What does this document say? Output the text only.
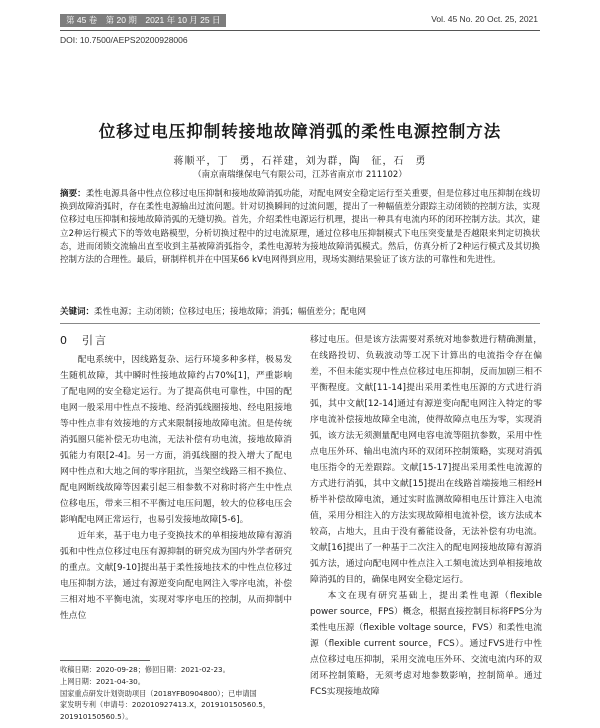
第 45 卷　第 20 期　2021 年 10 月 25 日	Vol. 45 No. 20 Oct. 25, 2021
DOI: 10.7500/AEPS20200928006
位移过电压抑制转接地故障消弧的柔性电源控制方法
蒋顺平，丁　勇，石祥建，刘为群，陶　征，石　勇
（南京南瑞继保电气有限公司，江苏省南京市 211102）
摘要：柔性电源具备中性点位移过电压抑制和接地故障消弧功能，对配电网安全稳定运行至关重要，但是位移过电压抑制在线切换到故障消弧时，存在柔性电源输出过流问题。针对切换瞬间的过流问题，提出了一种幅值差分跟踪主动闭锁的控制方法，实现位移过电压抑制和接地故障消弧的无缝切换。首先，介绍柔性电源运行机理，提出一种具有电流内环的闭环控制方法。其次，建立2种运行模式下的等效电路模型，分析切换过程中的过电流原理，通过位移电压抑制模式下电压突变量是否越限来判定切换状态，进而闭锁交流输出直至收到主基被障消弧指令，柔性电源转为接地故障消弧模式。然后，仿真分析了2种运行模式及其切换控制方法的合理性。最后，研制样机并在中国某66 kV电网得到应用，现场实测结果验证了该方法的可靠性和先进性。
关键词：柔性电源；主动闭锁；位移过电压；接地故障；消弧；幅值差分；配电网
0　 引言

配电系统中，因线路复杂、运行环境多种多样，极易发生随机故障，其中瞬时性接地故障约占70%[1]，严重影响了配电网的安全稳定运行。为了提高供电可靠性，中国的配电网一般采用中性点不接地、经消弧线圈接地、经电阻接地等中性点非有效接地的方式来限制接地故障电流。但是传统消弧圈只能补偿无功电流，无法补偿有功电流，接地故障消弧能力有限[2-4]。另一方面，消弧线圈的投入增大了配电网中性点和大地之间的零序阻抗，当架空线路三相不换位、配电网断线故障等因素引起三相参数不对称时将产生中性点位移电压，带来三相不平衡过电压问题，较大的位移电压会影响配电网正常运行，也易引发接地故障[5-6]。

近年来，基于电力电子变换技术的单相接地故障有源消弧和中性点位移过电压有源抑制的研究成为国内外学者研究的重点。文献[9-10]提出基于柔性接地技术的中性点位移过电压抑制方法，通过有源逆变向配电网注入零序电流，补偿三相对地不平衡电流，实现对零序电压的控制，从而抑制中性点位

移过电压。但是该方法需要对系统对地参数进行精确测量，在线路投切、负载波动等工况下计算出的电流指令存在偏差，不但未能实现中性点位移过电压抑制，反而加剧三相不平衡程度。文献[11-14]提出采用柔性电压源的方式进行消弧，其中文献[12-14]通过有源逆变向配电网注入特定的零序电流补偿接地故障全电流，使得故障点电压为零，实现消弧，该方法无须测量配电网电容电流等阻抗参数，采用中性点电压外环、输出电流内环的双闭环控制策略，实现对消弧电压指令的无差跟踪。文献[15-17]提出采用柔性电流源的方式进行消弧，其中文献[15]提出在线路首端接地三相经H桥半补偿故障电流，通过实时监测故障相电压计算注入电流值，采用分相注入的方法实现故障相电流补偿，该方法成本较高，占地大，且由于没有蓄能设备，无法补偿有功电流。文献[16]提出了一种基于二次注入的配电网接地故障有源消弧方法，通过向配电网中性点注入工频电流达到单相接地故障消弧的目的，确保电网安全稳定运行。

本文在现有研究基础上，提出柔性电源（flexible power source，FPS）概念，根据直接控制目标将FPS分为柔性电压源（flexible voltage source，FVS）和柔性电流源（flexible current source，FCS）。通过FVS进行中性点位移过电压抑制，采用交流电压外环、交流电流内环的双闭环控制策略，无须考虑对地参数影响，控制简单。通过FCS实现接地故障

收稿日期：2020-09-28；修回日期：2021-02-23。
上网日期：2021-04-30。
国家重点研发计划资助项目（2018YFB0904800）；已申请国
家发明专利（申请号：202010927413.X，201910150560.5，
201910150560.5）。
